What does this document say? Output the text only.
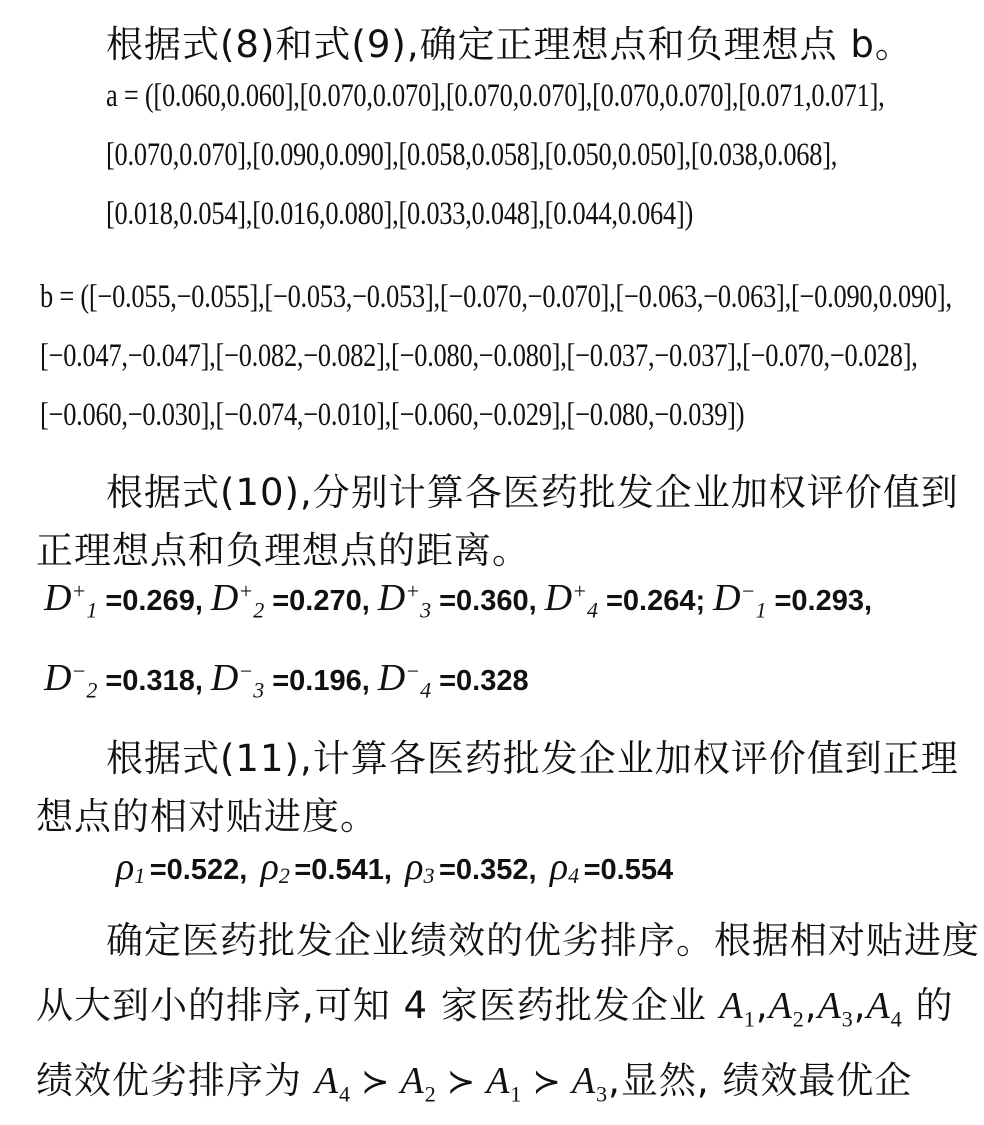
根据式(8)和式(9),确定正理想点和负理想点 b。
a = ([0.060,0.060],[0.070,0.070],[0.070,0.070],[0.070,0.070],[0.071,0.071],
[0.070,0.070],[0.090,0.090],[0.058,0.058],[0.050,0.050],[0.038,0.068],
[0.018,0.054],[0.016,0.080],[0.033,0.048],[0.044,0.064])
b = ([−0.055,−0.055],[−0.053,−0.053],[−0.070,−0.070],[−0.063,−0.063],[−0.090,0.090],
[−0.047,−0.047],[−0.082,−0.082],[−0.080,−0.080],[−0.037,−0.037],[−0.070,−0.028],
[−0.060,−0.030],[−0.074,−0.010],[−0.060,−0.029],[−0.080,−0.039])
根据式(10),分别计算各医药批发企业加权评价值到
正理想点和负理想点的距离。
$D^+_1 =0.269$, $D^+_2 =0.270$, $D^+_3 =0.360$, $D^+_4 =0.264$; $D^-_1 =0.293$,
$D^-_2 =0.318$, $D^-_3 =0.196$, $D^-_4 =0.328$
根据式(11),计算各医药批发企业加权评价值到正理
想点的相对贴进度。
$\rho_1 =0.522$, $\rho_2 =0.541$, $\rho_3 =0.352$, $\rho_4 =0.554$
确定医药批发企业绩效的优劣排序。根据相对贴进度
从大到小的排序,可知 4 家医药批发企业 $A_1,A_2,A_3,A_4$ 的
绩效优劣排序为 $A_4$ ≻ $A_2$ ≻ $A_1$ ≻ $A_3$,显然, 绩效最优企
